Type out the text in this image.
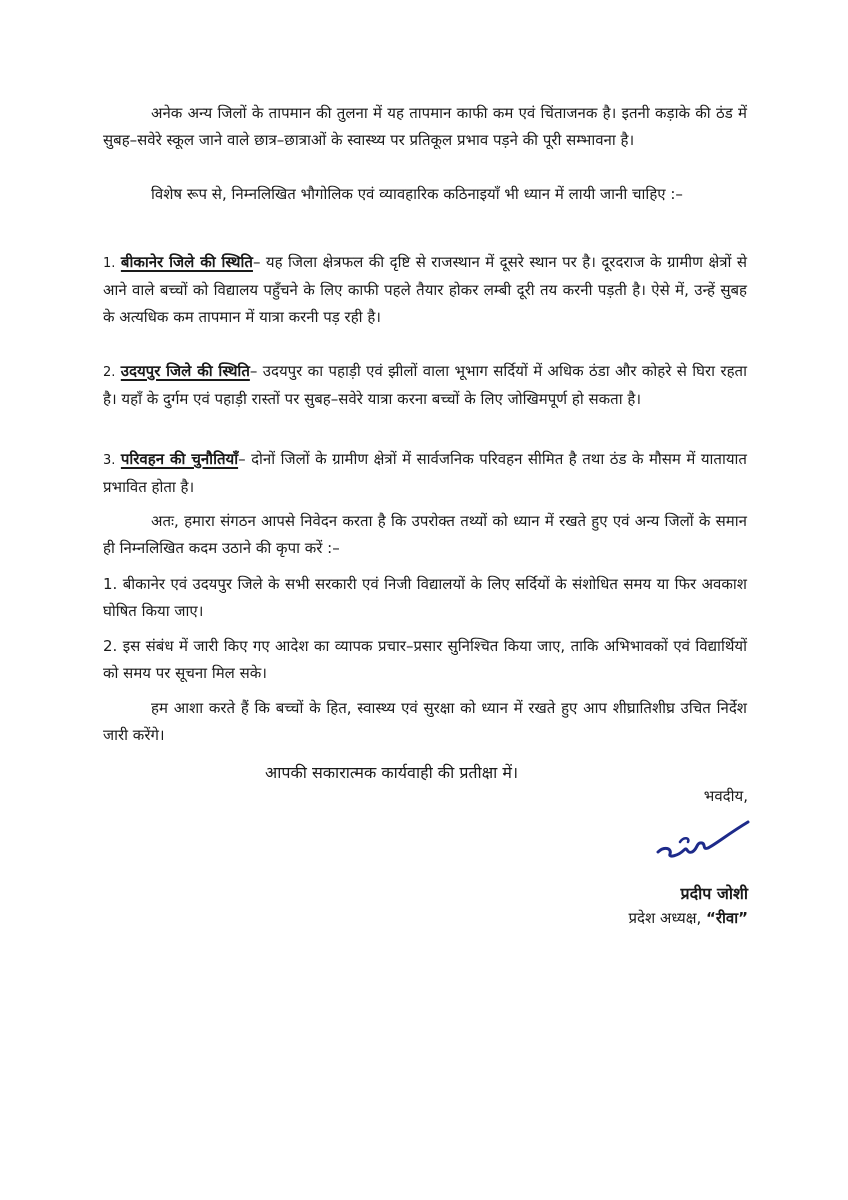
अनेक अन्य जिलों के तापमान की तुलना में यह तापमान काफी कम एवं चिंताजनक है। इतनी कड़ाके की ठंड में सुबह–सवेरे स्कूल जाने वाले छात्र–छात्राओं के स्वास्थ्य पर प्रतिकूल प्रभाव पड़ने की पूरी सम्भावना है।

विशेष रूप से, निम्नलिखित भौगोलिक एवं व्यावहारिक कठिनाइयाँ भी ध्यान में लायी जानी चाहिए :–

1. बीकानेर जिले की स्थिति– यह जिला क्षेत्रफल की दृष्टि से राजस्थान में दूसरे स्थान पर है। दूरदराज के ग्रामीण क्षेत्रों से आने वाले बच्चों को विद्यालय पहुँचने के लिए काफी पहले तैयार होकर लम्बी दूरी तय करनी पड़ती है। ऐसे में, उन्हें सुबह के अत्यधिक कम तापमान में यात्रा करनी पड़ रही है।

2. उदयपुर जिले की स्थिति– उदयपुर का पहाड़ी एवं झीलों वाला भूभाग सर्दियों में अधिक ठंडा और कोहरे से घिरा रहता है। यहाँ के दुर्गम एवं पहाड़ी रास्तों पर सुबह–सवेरे यात्रा करना बच्चों के लिए जोखिमपूर्ण हो सकता है।

3. परिवहन की चुनौतियाँ– दोनों जिलों के ग्रामीण क्षेत्रों में सार्वजनिक परिवहन सीमित है तथा ठंड के मौसम में यातायात प्रभावित होता है।

अतः, हमारा संगठन आपसे निवेदन करता है कि उपरोक्त तथ्यों को ध्यान में रखते हुए एवं अन्य जिलों के समान ही निम्नलिखित कदम उठाने की कृपा करें :–

1. बीकानेर एवं उदयपुर जिले के सभी सरकारी एवं निजी विद्यालयों के लिए सर्दियों के संशोधित समय या फिर अवकाश घोषित किया जाए।

2. इस संबंध में जारी किए गए आदेश का व्यापक प्रचार–प्रसार सुनिश्चित किया जाए, ताकि अभिभावकों एवं विद्यार्थियों को समय पर सूचना मिल सके।

हम आशा करते हैं कि बच्चों के हित, स्वास्थ्य एवं सुरक्षा को ध्यान में रखते हुए आप शीघ्रातिशीघ्र उचित निर्देश जारी करेंगे।

आपकी सकारात्मक कार्यवाही की प्रतीक्षा में।

भवदीय,

प्रदीप जोशी

प्रदेश अध्यक्ष, “रीवा”
